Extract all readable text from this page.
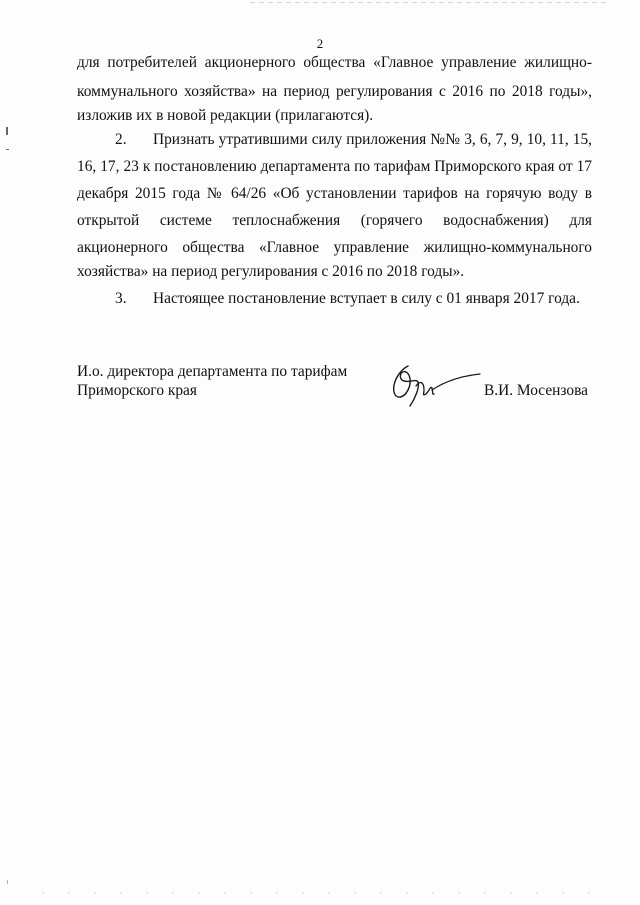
2
для потребителей акционерного общества «Главное управление жилищно-
коммунального хозяйства» на период регулирования с 2016 по 2018 годы»,
изложив их в новой редакции (прилагаются).
2. Признать утратившими силу приложения №№ 3, 6, 7, 9, 10, 11, 15,
16, 17, 23 к постановлению департамента по тарифам Приморского края от 17
декабря 2015 года № 64/26 «Об установлении тарифов на горячую воду в
открытой системе теплоснабжения (горячего водоснабжения) для
акционерного общества «Главное управление жилищно-коммунального
хозяйства» на период регулирования с 2016 по 2018 годы».
3. Настоящее постановление вступает в силу с 01 января 2017 года.
И.о. директора департамента по тарифам
Приморского края	В.И. Мосензова
